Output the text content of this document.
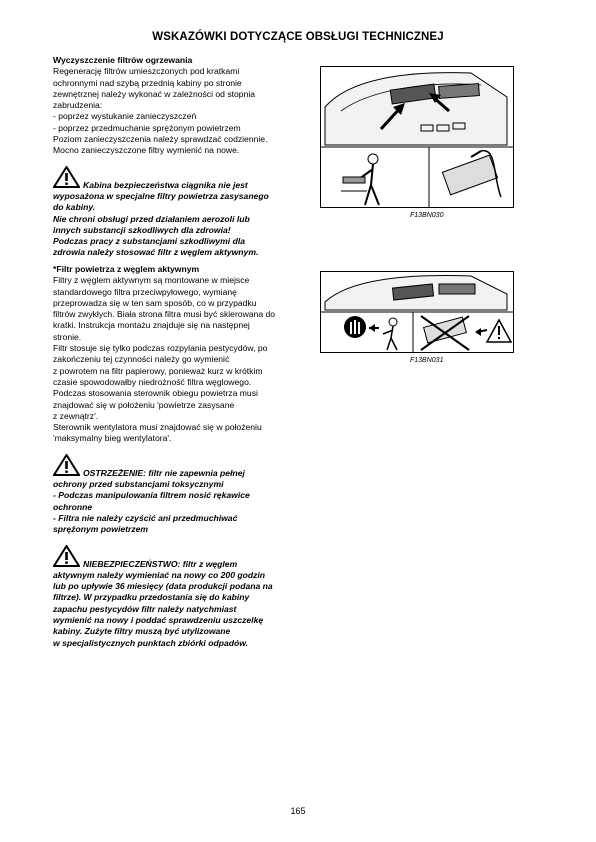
WSKAZÓWKI DOTYCZĄCE OBSŁUGI TECHNICZNEJ

Wyczyszczenie filtrów ogrzewania

Regenerację filtrów umieszczonych pod kratkami
ochronnymi nad szybą przednią kabiny po stronie
zewnętrznej należy wykonać w zależności od stopnia
zabrudzenia:
- poprzez wystukanie zanieczyszczeń
- poprzez przedmuchanie sprężonym powietrzem
Poziom zanieczyszczenia należy sprawdzać codziennie.
Mocno zanieczyszczone filtry wymienić na nowe.

Kabina bezpieczeństwa ciągnika nie jest
wyposażona w specjalne filtry powietrza zasysanego
do kabiny.
Nie chroni obsługi przed działaniem aerozoli lub
innych substancji szkodliwych dla zdrowia!
Podczas pracy z substancjami szkodliwymi dla
zdrowia należy stosować filtr z węglem aktywnym.

*Filtr powietrza z węglem aktywnym

Filtry z węglem aktywnym są montowane w miejsce
standardowego filtra przeciwpyłowego, wymianę
przeprowadza się w ten sam sposób, co w przypadku
filtrów zwykłych. Biała strona filtra musi być skierowana do
kratki. Instrukcja montażu znajduje się na następnej
stronie.
Filtr stosuje się tylko podczas rozpylania pestycydów, po
zakończeniu tej czynności należy go wymienić
z powrotem na filtr papierowy, ponieważ kurz w krótkim
czasie spowodowałby niedrożność filtra węglowego.
Podczas stosowania sterownik obiegu powietrza musi
znajdować się w położeniu 'powietrze zasysane
z zewnątrz'.
Sterownik wentylatora musi znajdować się w położeniu
'maksymalny bieg wentylatora'.

OSTRZEŻENIE: filtr nie zapewnia pełnej
ochrony przed substancjami toksycznymi
- Podczas manipulowania filtrem nosić rękawice
ochronne
- Filtra nie należy czyścić ani przedmuchiwać
sprężonym powietrzem

NIEBEZPIECZEŃSTWO: filtr z węglem
aktywnym należy wymieniać na nowy co 200 godzin
lub po upływie 36 miesięcy (data produkcji podana na
filtrze). W przypadku przedostania się do kabiny
zapachu pestycydów filtr należy natychmiast
wymienić na nowy i poddać sprawdzeniu uszczelkę
kabiny. Zużyte filtry muszą być utylizowane
w specjalistycznych punktach zbiórki odpadów.

F13BN030
F13BN031
165
